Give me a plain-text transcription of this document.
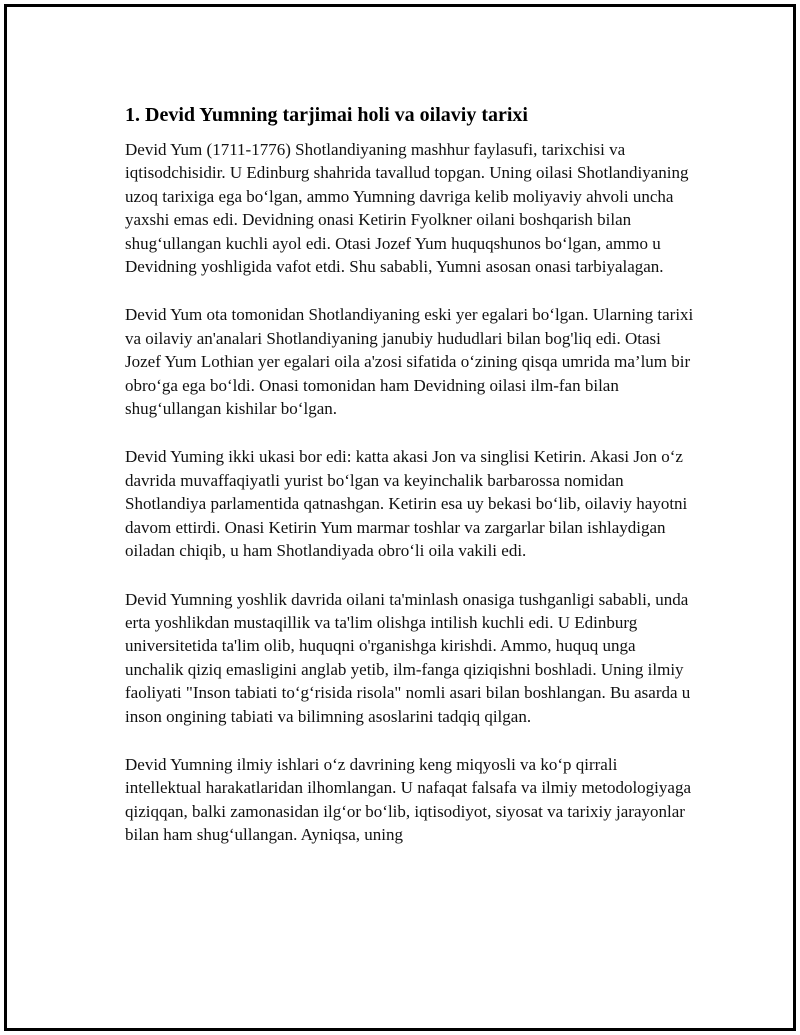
1. Devid Yumning tarjimai holi va oilaviy tarixi

Devid Yum (1711-1776) Shotlandiyaning mashhur faylasufi, tarixchisi va iqtisodchisidir. U Edinburg shahrida tavallud topgan. Uning oilasi Shotlandiyaning uzoq tarixiga ega bo‘lgan, ammo Yumning davriga kelib moliyaviy ahvoli uncha yaxshi emas edi. Devidning onasi Ketirin Fyolkner oilani boshqarish bilan shug‘ullangan kuchli ayol edi. Otasi Jozef Yum huquqshunos bo‘lgan, ammo u Devidning yoshligida vafot etdi. Shu sababli, Yumni asosan onasi tarbiyalagan.

Devid Yum ota tomonidan Shotlandiyaning eski yer egalari bo‘lgan. Ularning tarixi va oilaviy an'analari Shotlandiyaning janubiy hududlari bilan bog'liq edi. Otasi Jozef Yum Lothian yer egalari oila a'zosi sifatida o‘zining qisqa umrida ma’lum bir obro‘ga ega bo‘ldi. Onasi tomonidan ham Devidning oilasi ilm-fan bilan shug‘ullangan kishilar bo‘lgan.

Devid Yuming ikki ukasi bor edi: katta akasi Jon va singlisi Ketirin. Akasi Jon o‘z davrida muvaffaqiyatli yurist bo‘lgan va keyinchalik barbarossa nomidan Shotlandiya parlamentida qatnashgan. Ketirin esa uy bekasi bo‘lib, oilaviy hayotni davom ettirdi. Onasi Ketirin Yum marmar toshlar va zargarlar bilan ishlaydigan oiladan chiqib, u ham Shotlandiyada obro‘li oila vakili edi.

Devid Yumning yoshlik davrida oilani ta'minlash onasiga tushganligi sababli, unda erta yoshlikdan mustaqillik va ta'lim olishga intilish kuchli edi. U Edinburg universitetida ta'lim olib, huquqni o'rganishga kirishdi. Ammo, huquq unga unchalik qiziq emasligini anglab yetib, ilm-fanga qiziqishni boshladi. Uning ilmiy faoliyati "Inson tabiati to‘g‘risida risola" nomli asari bilan boshlangan. Bu asarda u inson ongining tabiati va bilimning asoslarini tadqiq qilgan.

Devid Yumning ilmiy ishlari o‘z davrining keng miqyosli va ko‘p qirrali intellektual harakatlaridan ilhomlangan. U nafaqat falsafa va ilmiy metodologiyaga qiziqqan, balki zamonasidan ilg‘or bo‘lib, iqtisodiyot, siyosat va tarixiy jarayonlar bilan ham shug‘ullangan. Ayniqsa, uning
